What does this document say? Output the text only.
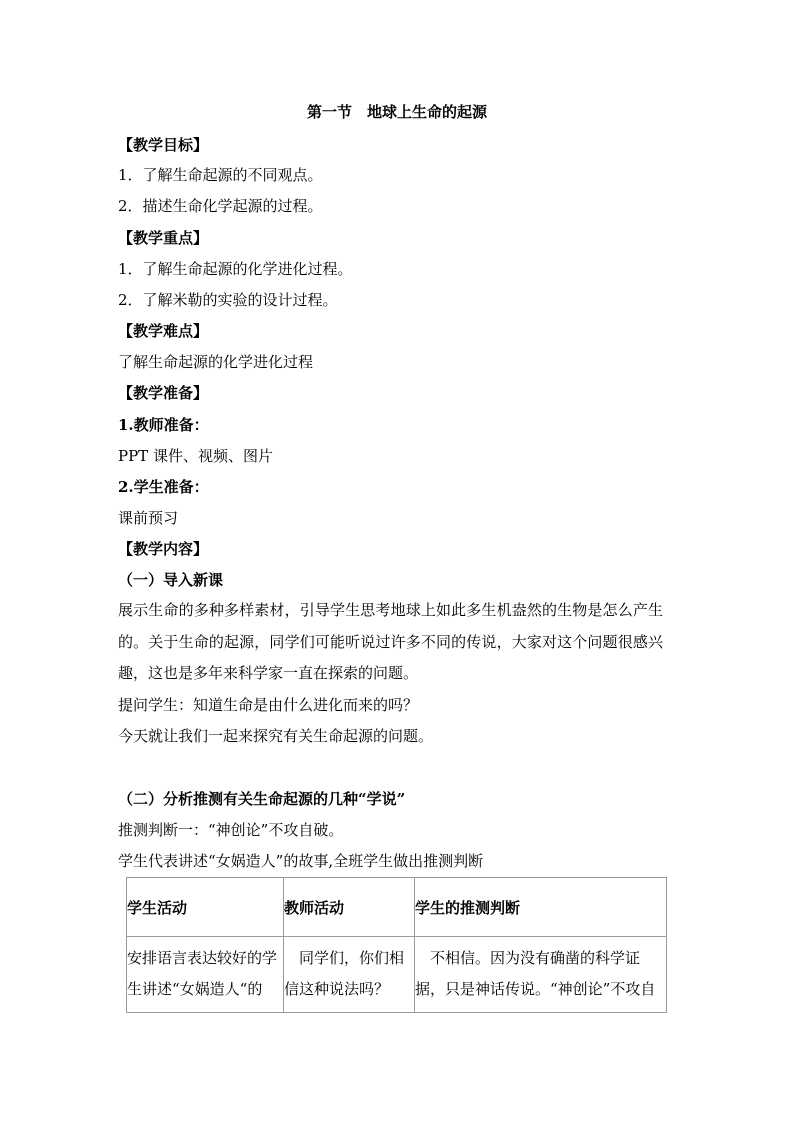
第一节　地球上生命的起源
【教学目标】
1．了解生命起源的不同观点。
2．描述生命化学起源的过程。
【教学重点】
1．了解生命起源的化学进化过程。
2．了解米勒的实验的设计过程。
【教学难点】
了解生命起源的化学进化过程
【教学准备】
1.教师准备：
PPT 课件、视频、图片
2.学生准备：
课前预习
【教学内容】
（一）导入新课
展示生命的多种多样素材，引导学生思考地球上如此多生机盎然的生物是怎么产生的。关于生命的起源，同学们可能听说过许多不同的传说，大家对这个问题很感兴趣，这也是多年来科学家一直在探索的问题。
提问学生：知道生命是由什么进化而来的吗？
今天就让我们一起来探究有关生命起源的问题。
（二）分析推测有关生命起源的几种“学说”
推测判断一：“神创论”不攻自破。
学生代表讲述“女娲造人”的故事,全班学生做出推测判断
学生活动	教师活动	学生的推测判断

安排语言表达较好的学生讲述“女娲造人“的	　同学们，你们相信这种说法吗？	　不相信。因为没有确凿的科学证据，只是神话传说。“神创论”不攻自
